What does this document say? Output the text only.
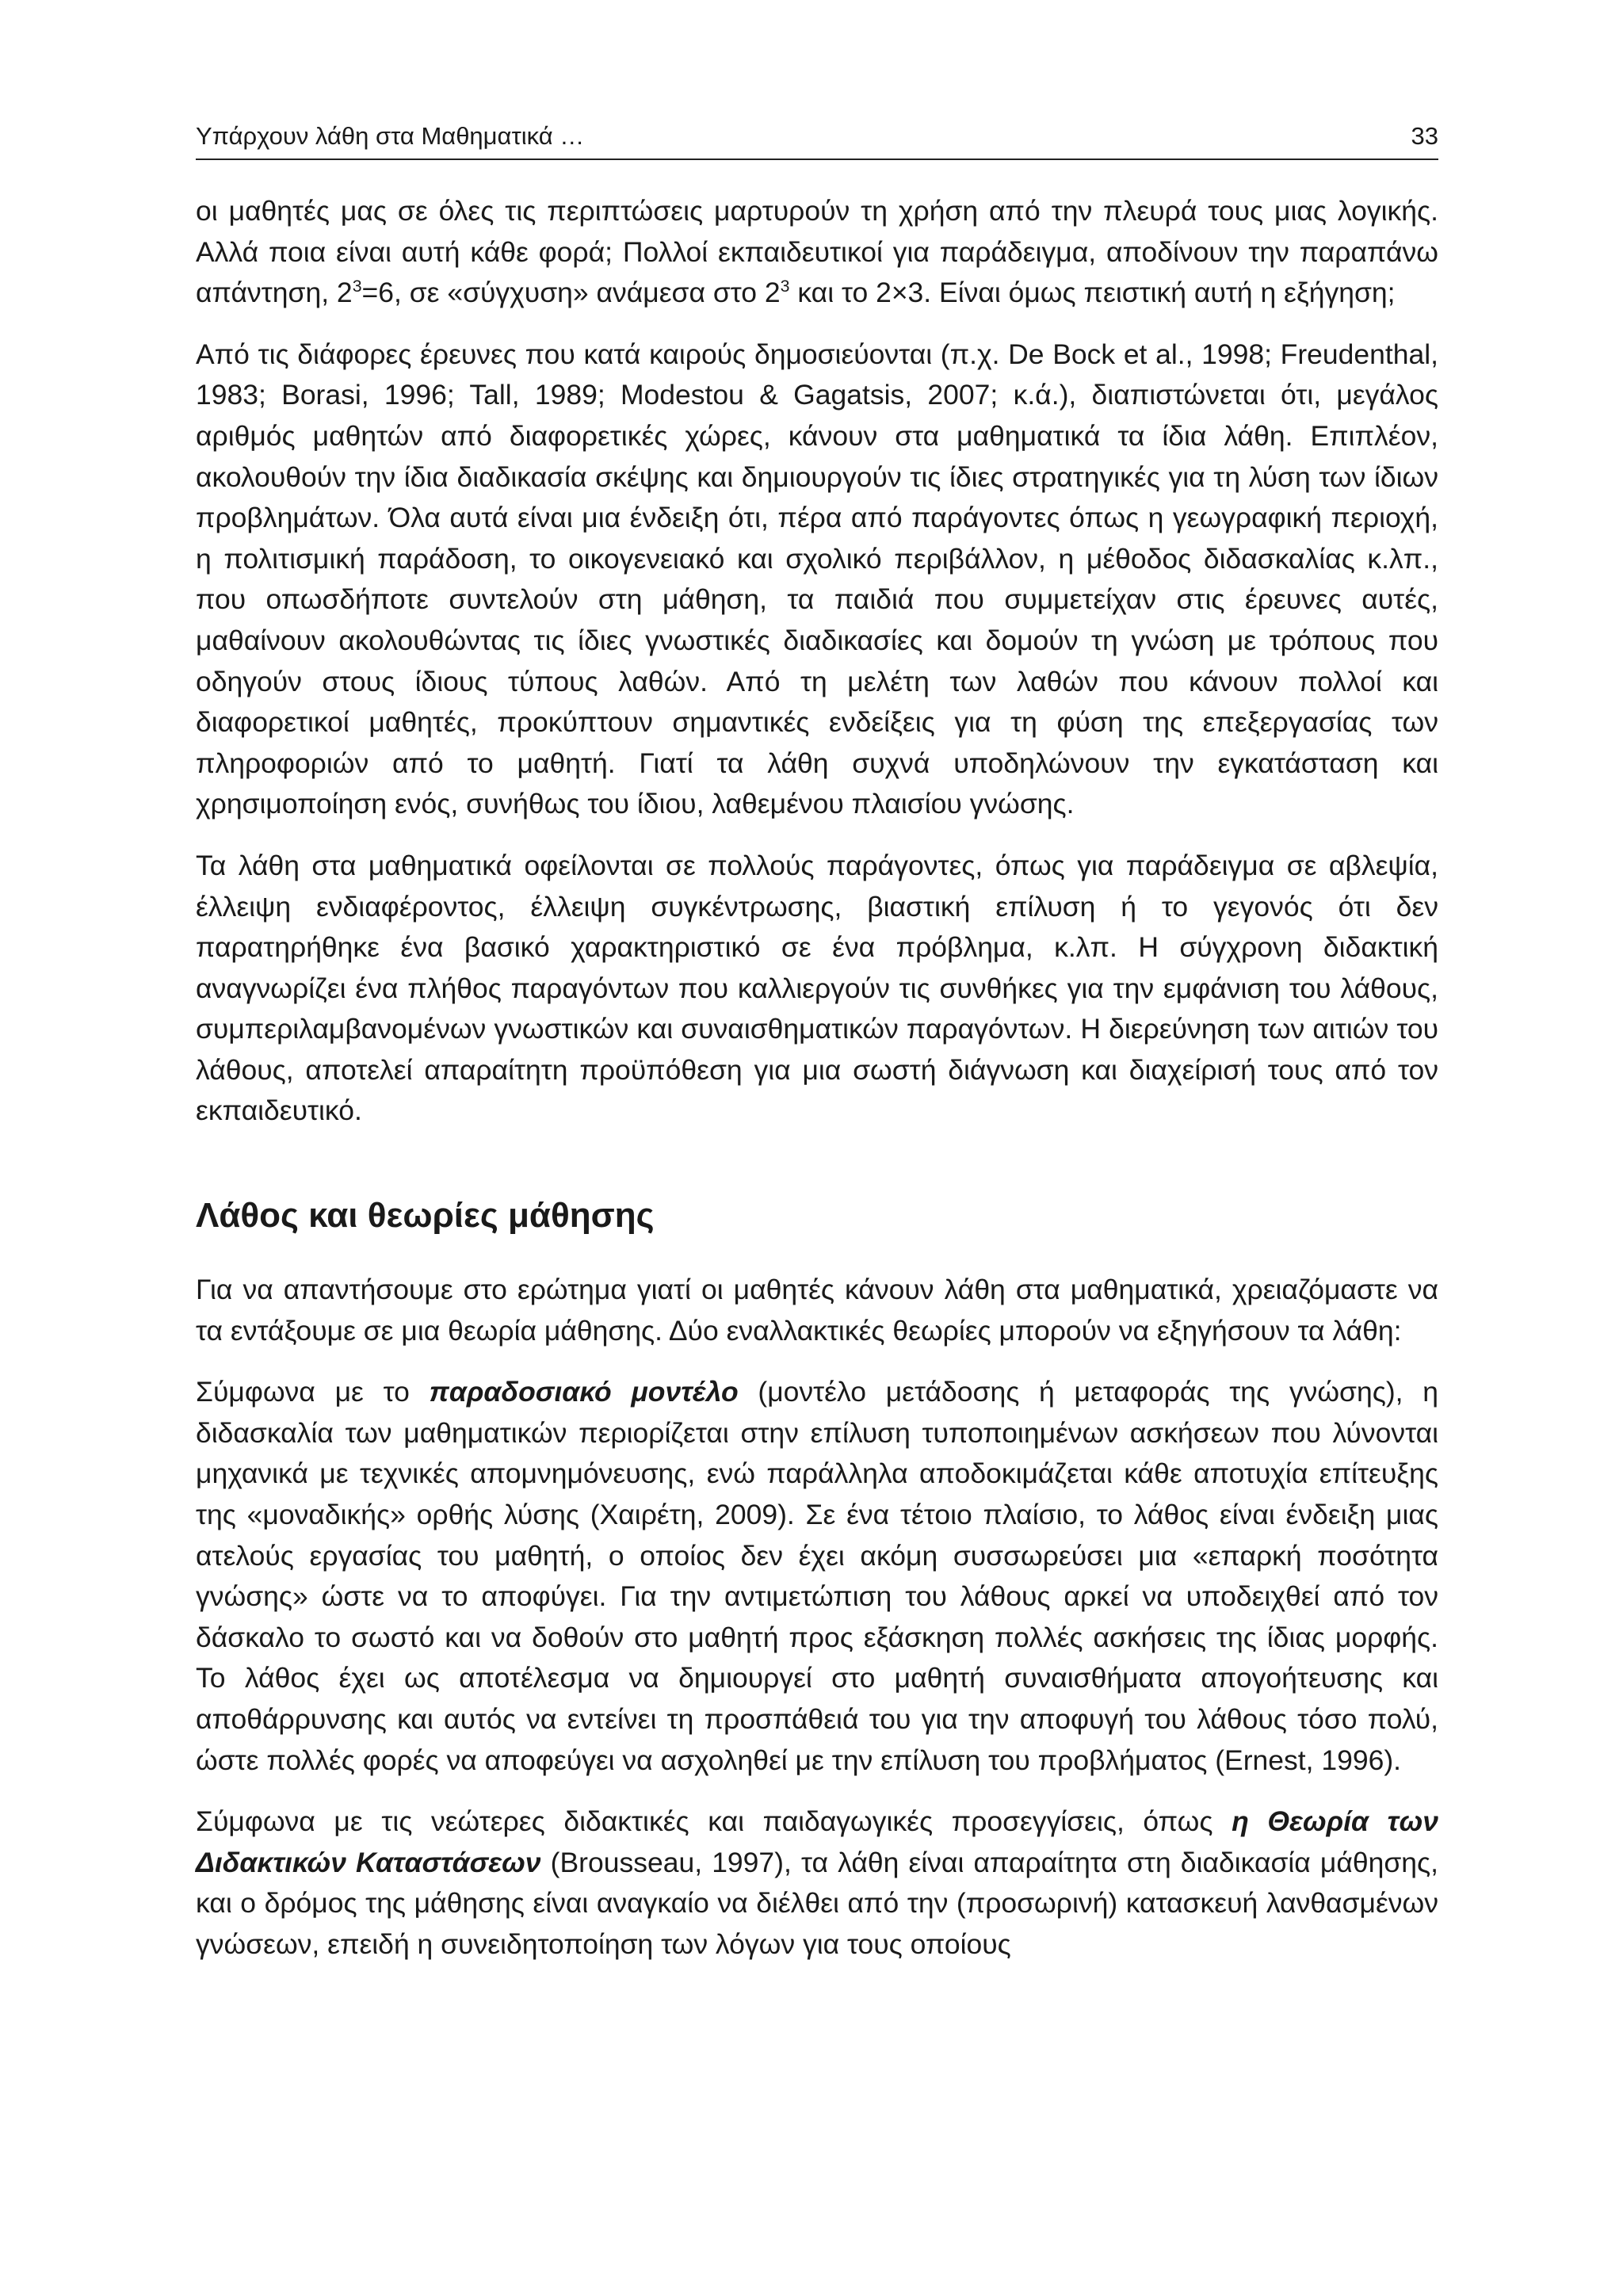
Υπάρχουν λάθη στα Μαθηματικά …	33

οι μαθητές μας σε όλες τις περιπτώσεις μαρτυρούν τη χρήση από την πλευρά τους μιας λογικής. Αλλά ποια είναι αυτή κάθε φορά; Πολλοί εκπαιδευτικοί για παράδειγμα, αποδίνουν την παραπάνω απάντηση, $2^3=6$, σε «σύγχυση» ανάμεσα στο $2^3$ και το 2×3. Είναι όμως πειστική αυτή η εξήγηση;

Από τις διάφορες έρευνες που κατά καιρούς δημοσιεύονται (π.χ. De Bock et al., 1998; Freudenthal, 1983; Borasi, 1996; Tall, 1989; Modestou & Gagatsis, 2007; κ.ά.), διαπιστώνεται ότι, μεγάλος αριθμός μαθητών από διαφορετικές χώρες, κάνουν στα μαθηματικά τα ίδια λάθη. Επιπλέον, ακολουθούν την ίδια διαδικασία σκέψης και δημιουργούν τις ίδιες στρατηγικές για τη λύση των ίδιων προβλημάτων. Όλα αυτά είναι μια ένδειξη ότι, πέρα από παράγοντες όπως η γεωγραφική περιοχή, η πολιτισμική παράδοση, το οικογενειακό και σχολικό περιβάλλον, η μέθοδος διδασκαλίας κ.λπ., που οπωσδήποτε συντελούν στη μάθηση, τα παιδιά που συμμετείχαν στις έρευνες αυτές, μαθαίνουν ακολουθώντας τις ίδιες γνωστικές διαδικασίες και δομούν τη γνώση με τρόπους που οδηγούν στους ίδιους τύπους λαθών. Από τη μελέτη των λαθών που κάνουν πολλοί και διαφορετικοί μαθητές, προκύπτουν σημαντικές ενδείξεις για τη φύση της επεξεργασίας των πληροφοριών από το μαθητή. Γιατί τα λάθη συχνά υποδηλώνουν την εγκατάσταση και χρησιμοποίηση ενός, συνήθως του ίδιου, λαθεμένου πλαισίου γνώσης.

Τα λάθη στα μαθηματικά οφείλονται σε πολλούς παράγοντες, όπως για παράδειγμα σε αβλεψία, έλλειψη ενδιαφέροντος, έλλειψη συγκέντρωσης, βιαστική επίλυση ή το γεγονός ότι δεν παρατηρήθηκε ένα βασικό χαρακτηριστικό σε ένα πρόβλημα, κ.λπ. Η σύγχρονη διδακτική αναγνωρίζει ένα πλήθος παραγόντων που καλλιεργούν τις συνθήκες για την εμφάνιση του λάθους, συμπεριλαμβανομένων γνωστικών και συναισθηματικών παραγόντων. Η διερεύνηση των αιτιών του λάθους, αποτελεί απαραίτητη προϋπόθεση για μια σωστή διάγνωση και διαχείρισή τους από τον εκπαιδευτικό.

Λάθος και θεωρίες μάθησης

Για να απαντήσουμε στο ερώτημα γιατί οι μαθητές κάνουν λάθη στα μαθηματικά, χρειαζόμαστε να τα εντάξουμε σε μια θεωρία μάθησης. Δύο εναλλακτικές θεωρίες μπορούν να εξηγήσουν τα λάθη:

Σύμφωνα με το παραδοσιακό μοντέλο (μοντέλο μετάδοσης ή μεταφοράς της γνώσης), η διδασκαλία των μαθηματικών περιορίζεται στην επίλυση τυποποιημένων ασκήσεων που λύνονται μηχανικά με τεχνικές απομνημόνευσης, ενώ παράλληλα αποδοκιμάζεται κάθε αποτυχία επίτευξης της «μοναδικής» ορθής λύσης (Χαιρέτη, 2009). Σε ένα τέτοιο πλαίσιο, το λάθος είναι ένδειξη μιας ατελούς εργασίας του μαθητή, ο οποίος δεν έχει ακόμη συσσωρεύσει μια «επαρκή ποσότητα γνώσης» ώστε να το αποφύγει. Για την αντιμετώπιση του λάθους αρκεί να υποδειχθεί από τον δάσκαλο το σωστό και να δοθούν στο μαθητή προς εξάσκηση πολλές ασκήσεις της ίδιας μορφής. Το λάθος έχει ως αποτέλεσμα να δημιουργεί στο μαθητή συναισθήματα απογοήτευσης και αποθάρρυνσης και αυτός να εντείνει τη προσπάθειά του για την αποφυγή του λάθους τόσο πολύ, ώστε πολλές φορές να αποφεύγει να ασχοληθεί με την επίλυση του προβλήματος (Ernest, 1996).

Σύμφωνα με τις νεώτερες διδακτικές και παιδαγωγικές προσεγγίσεις, όπως η Θεωρία των Διδακτικών Καταστάσεων (Brousseau, 1997), τα λάθη είναι απαραίτητα στη διαδικασία μάθησης, και ο δρόμος της μάθησης είναι αναγκαίο να διέλθει από την (προσωρινή) κατασκευή λανθασμένων γνώσεων, επειδή η συνειδητοποίηση των λόγων για τους οποίους
